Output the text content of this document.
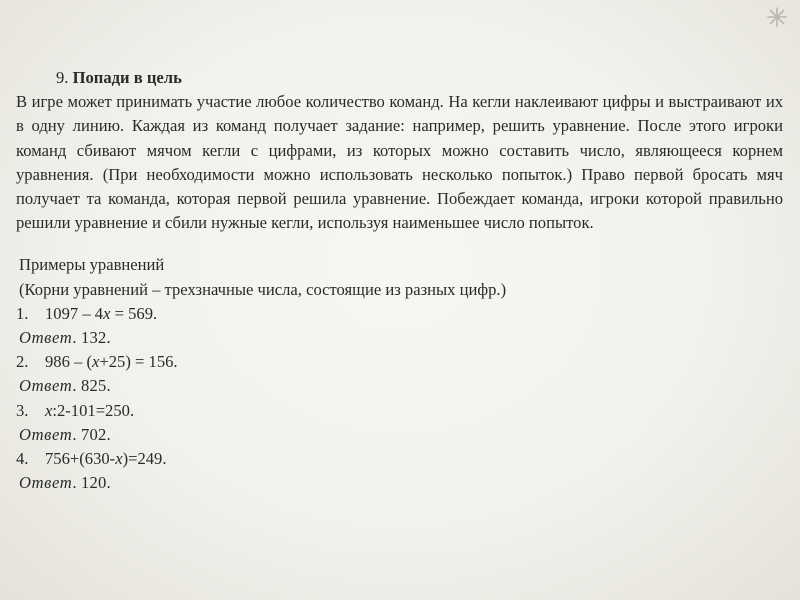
9. Попади в цель

В игре может принимать участие любое количество команд. На кегли наклеивают цифры и выстраивают их в одну линию. Каждая из команд получает задание: например, решить уравнение. После этого игроки команд сбивают мячом кегли с цифрами, из которых можно составить число, являющееся корнем уравнения. (При необходимости можно использовать несколько попыток.) Право первой бросать мяч получает та команда, которая первой решила уравнение. Побеждает команда, игроки которой правильно решили уравнение и сбили нужные кегли, используя наименьшее число попыток.

Примеры уравнений

(Корни уравнений – трехзначные числа, состоящие из разных цифр.)

1. 1097 – 4x = 569.

Ответ. 132.

2. 986 – (x+25) = 156.

Ответ. 825.

3. x:2-101=250.

Ответ. 702.

4. 756+(630-x)=249.

Ответ. 120.
